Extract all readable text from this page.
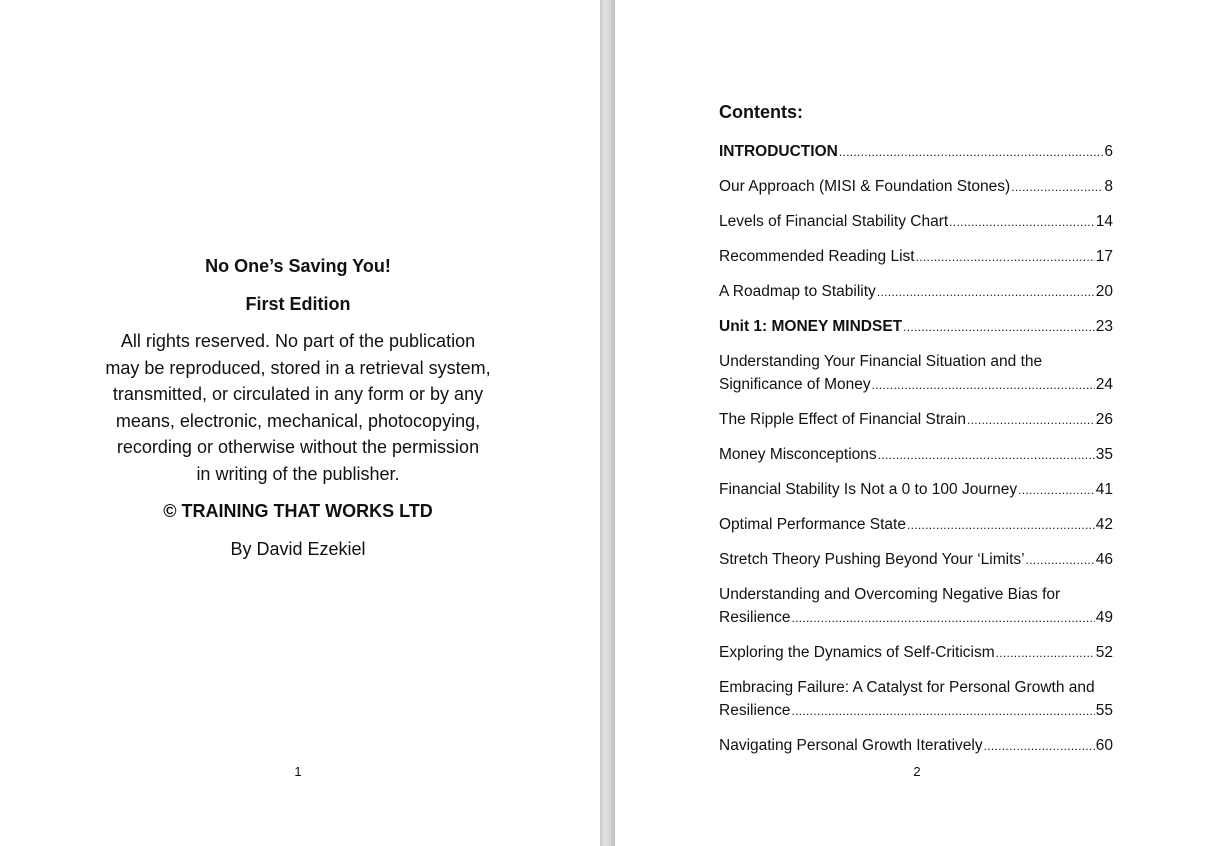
No One’s Saving You!

First Edition

All rights reserved. No part of the publication
may be reproduced, stored in a retrieval system,
transmitted, or circulated in any form or by any
means, electronic, mechanical, photocopying,
recording or otherwise without the permission
in writing of the publisher.

© TRAINING THAT WORKS LTD

By David Ezekiel

1
Contents:
INTRODUCTION .....	6
Our Approach (MISI & Foundation Stones) .....	8
Levels of Financial Stability Chart .....	14
Recommended Reading List .....	17
A Roadmap to Stability .....	20
Unit 1: MONEY MINDSET .....	23
Understanding Your Financial Situation and the
Significance of Money .....	24
The Ripple Effect of Financial Strain .....	26
Money Misconceptions .....	35
Financial Stability Is Not a 0 to 100 Journey .....	41
Optimal Performance State .....	42
Stretch Theory Pushing Beyond Your ‘Limits’ .....	46
Understanding and Overcoming Negative Bias for
Resilience .....	49
Exploring the Dynamics of Self-Criticism .....	52
Embracing Failure: A Catalyst for Personal Growth and
Resilience .....	55
Navigating Personal Growth Iteratively .....	60
2
